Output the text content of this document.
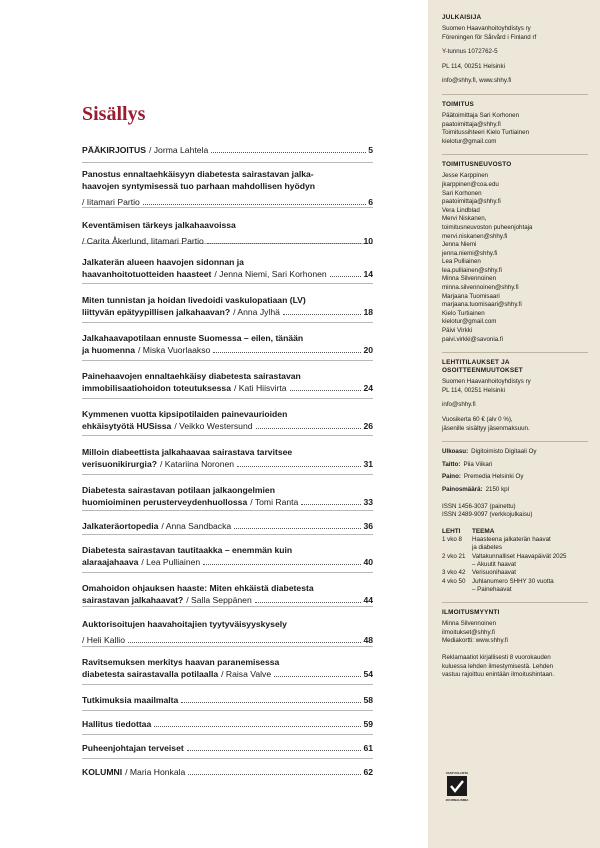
Sisällys
PÄÄKIRJOITUS / Jorma Lahtela	5
Panostus ennaltaehkäisyyn diabetesta sairastavan jalka-
haavojen syntymisessä tuo parhaan mahdollisen hyödyn
/ Iitamari Partio	6
Keventämisen tärkeys jalkahaavoissa
/ Carita Åkerlund, Iitamari Partio	10
Jalkaterän alueen haavojen sidonnan ja
haavanhoitotuotteiden haasteet / Jenna Niemi, Sari Korhonen	14
Miten tunnistan ja hoidan livedoidi vaskulopatiaan (LV)
liittyvän epätyypillisen jalkahaavan? / Anna Jylhä	18
Jalkahaavapotilaan ennuste Suomessa – eilen, tänään
ja huomenna / Miska Vuorlaakso	20
Painehaavojen ennaltaehkäisy diabetesta sairastavan
immobilisaatiohoidon toteutuksessa / Kati Hiisvirta	24
Kymmenen vuotta kipsipotilaiden painevaurioiden
ehkäisytyötä HUSissa / Veikko Westersund	26
Milloin diabeettista jalkahaavaa sairastava tarvitsee
verisuonikirurgia? / Katariina Noronen	31
Diabetesta sairastavan potilaan jalkaongelmien
huomioiminen perusterveydenhuollossa / Tomi Ranta	33
Jalkateräortopedia / Anna Sandbacka	36
Diabetesta sairastavan tautitaakka – enemmän kuin
alaraajahaava / Lea Pulliainen	40
Omahoidon ohjauksen haaste: Miten ehkäistä diabetesta
sairastavan jalkahaavat? / Salla Seppänen	44
Auktorisoitujen haavahoitajien tyytyväisyyskysely
/ Heli Kallio	48
Ravitsemuksen merkitys haavan paranemisessa
diabetesta sairastavalla potilaalla / Raisa Valve	54
Tutkimuksia maailmalta	58
Hallitus tiedottaa	59
Puheenjohtajan terveiset	61
KOLUMNI / Maria Honkala	62

JULKAISIJA

Suomen Haavanhoitoyhdistys ry

Föreningen för Sårvård i Finland rf

Y-tunnus 1072762-5

PL 114, 00251 Helsinki

info@shhy.fi, www.shhy.fi

TOIMITUS

Päätoimittaja Sari Korhonen

paatoimittaja@shhy.fi

Toimitussihteeri Kielo Turtiainen

kielotur@gmail.com

TOIMITUSNEUVOSTO

Jesse Karppinen

jkarppinen@coa.edu

Sari Korhonen

paatoimittaja@shhy.fi

Vera Lindblad

Mervi Niskanen,

toimitusneuvoston puheenjohtaja

mervi.niskanen@shhy.fi

Jenna Niemi

jenna.niemi@shhy.fi

Lea Pulliainen

lea.pulliainen@shhy.fi

Minna Silvennoinen

minna.silvennoinen@shhy.fi

Marjaana Tuomisaari

marjaana.tuomisaari@shhy.fi

Kielo Turtiainen

kielotur@gmail.com

Päivi Virkki

paivi.virkki@savonia.fi

LEHTITILAUKSET JA

OSOITTEENMUUTOKSET

Suomen Haavanhoitoyhdistys ry

PL 114, 00251 Helsinki

info@shhy.fi

Vuosikerta 60 € (alv 0 %),

jäsenille sisältyy jäsenmaksuun.

Ulkoasu: Digitoimisto Digitaali Oy

Taitto: Piia Viikari

Paino: Premedia Helsinki Oy

Painosmäärä: 2150 kpl

ISSN 1456-3037 (painettu)

ISSN 2489-9097 (verkkojulkaisu)

LEHTI	TEEMA
1 vko 8	Haasteena jalkaterän haavat
ja diabetes
2 vko 21	Valtakunnalliset Haavapäivät 2025
– Akuutit haavat
3 vko 42	Verisuonihaavat
4 vko 50	Juhlanumero SHHY 30 vuotta
– Painehaavat

ILMOITUSMYYNTI

Minna Silvennoinen

ilmoitukset@shhy.fi

Mediakortti: www.shhy.fi

Reklamaatiot kirjallisesti 8 vuorokauden

kuluessa lehden ilmestymisestä. Lehden

vastuu rajoittuu enintään ilmoitushintaan.

VASTUULLISTA
JOURNALISMIA
